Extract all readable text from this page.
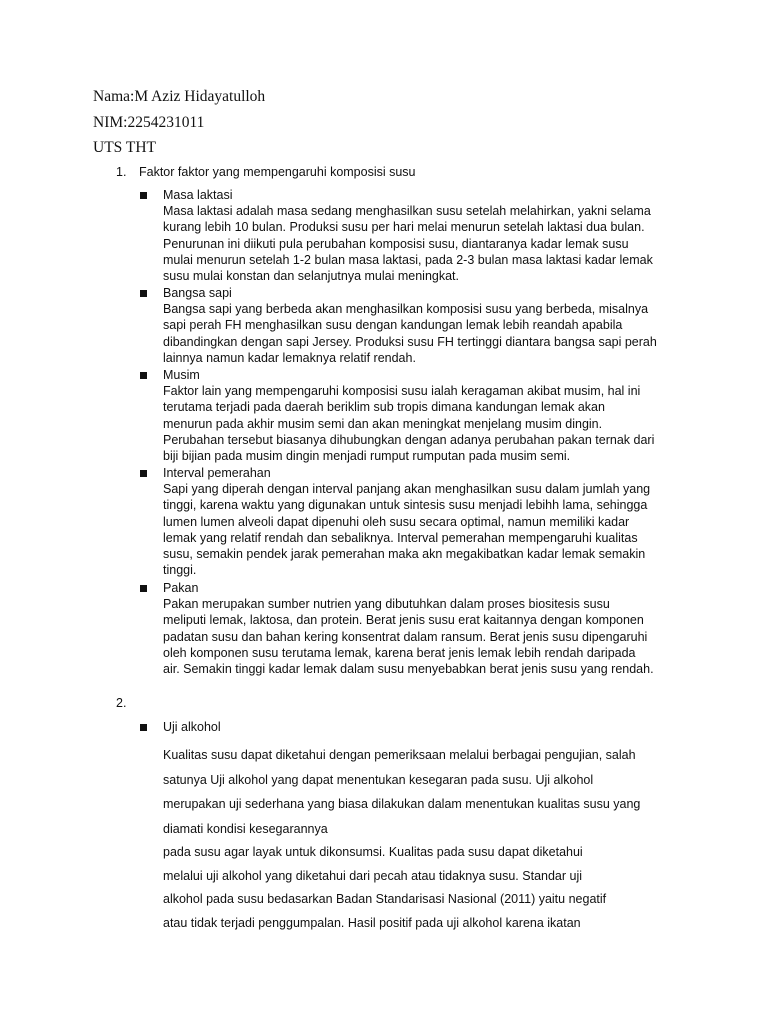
Nama:M Aziz Hidayatulloh
NIM:2254231011
UTS THT
1. Faktor faktor yang mempengaruhi komposisi susu
Masa laktasi
Masa laktasi adalah masa sedang menghasilkan susu setelah melahirkan, yakni selama
kurang lebih 10 bulan. Produksi susu per hari melai menurun setelah laktasi dua bulan.
Penurunan ini diikuti pula perubahan komposisi susu, diantaranya kadar lemak susu
mulai menurun setelah 1-2 bulan masa laktasi, pada 2-3 bulan masa laktasi kadar lemak
susu mulai konstan dan selanjutnya mulai meningkat.
Bangsa sapi
Bangsa sapi yang berbeda akan menghasilkan komposisi susu yang berbeda, misalnya
sapi perah FH menghasilkan susu dengan kandungan lemak lebih reandah apabila
dibandingkan dengan sapi Jersey. Produksi susu FH tertinggi diantara bangsa sapi perah
lainnya namun kadar lemaknya relatif rendah.
Musim
Faktor lain yang mempengaruhi komposisi susu ialah keragaman akibat musim, hal ini
terutama terjadi pada daerah beriklim sub tropis dimana kandungan lemak akan
menurun pada akhir musim semi dan akan meningkat menjelang musim dingin.
Perubahan tersebut biasanya dihubungkan dengan adanya perubahan pakan ternak dari
biji bijian pada musim dingin menjadi rumput rumputan pada musim semi.
Interval pemerahan
Sapi yang diperah dengan interval panjang akan menghasilkan susu dalam jumlah yang
tinggi, karena waktu yang digunakan untuk sintesis susu menjadi lebihh lama, sehingga
lumen lumen alveoli dapat dipenuhi oleh susu secara optimal, namun memiliki kadar
lemak yang relatif rendah dan sebaliknya. Interval pemerahan mempengaruhi kualitas
susu, semakin pendek jarak pemerahan maka akn megakibatkan kadar lemak semakin
tinggi.
Pakan
Pakan merupakan sumber nutrien yang dibutuhkan dalam proses biositesis susu
meliputi lemak, laktosa, dan protein. Berat jenis susu erat kaitannya dengan komponen
padatan susu dan bahan kering konsentrat dalam ransum. Berat jenis susu dipengaruhi
oleh komponen susu terutama lemak, karena berat jenis lemak lebih rendah daripada
air. Semakin tinggi kadar lemak dalam susu menyebabkan berat jenis susu yang rendah.
2.
Uji alkohol
Kualitas susu dapat diketahui dengan pemeriksaan melalui berbagai pengujian, salah
satunya Uji alkohol yang dapat menentukan kesegaran pada susu. Uji alkohol
merupakan uji sederhana yang biasa dilakukan dalam menentukan kualitas susu yang
diamati kondisi kesegarannya
pada susu agar layak untuk dikonsumsi. Kualitas pada susu dapat diketahui
melalui uji alkohol yang diketahui dari pecah atau tidaknya susu. Standar uji
alkohol pada susu bedasarkan Badan Standarisasi Nasional (2011) yaitu negatif
atau tidak terjadi penggumpalan. Hasil positif pada uji alkohol karena ikatan
